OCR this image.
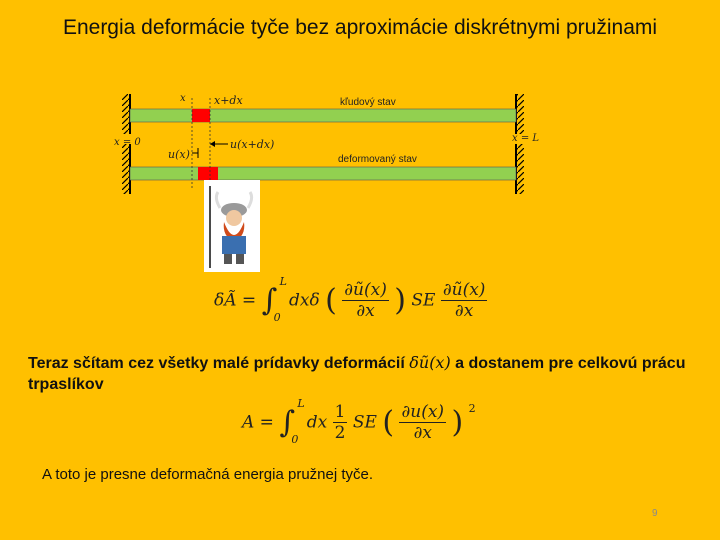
Energia deformácie tyče bez aproximácie diskrétnymi pružinami
x	x+dx	kľudový stav
x = 0	x = L
u(x+dx)
u(x)	deformovaný stav
δÃ = ∫
L
0
dxδ ( $\frac{\partial ũ(x)}{\partial x}$ ) SE $\frac{\partial ũ(x)}{\partial x}$
Teraz sčítam cez všetky malé prídavky deformácií δũ(x) a dostanem pre celkovú prácu trpaslíkov
A = ∫
L
0
dx $\frac{1}{2}$ SE ( $\frac{\partial u(x)}{\partial x}$ ) $^2$
A toto je presne deformačná energia pružnej tyče.
9
